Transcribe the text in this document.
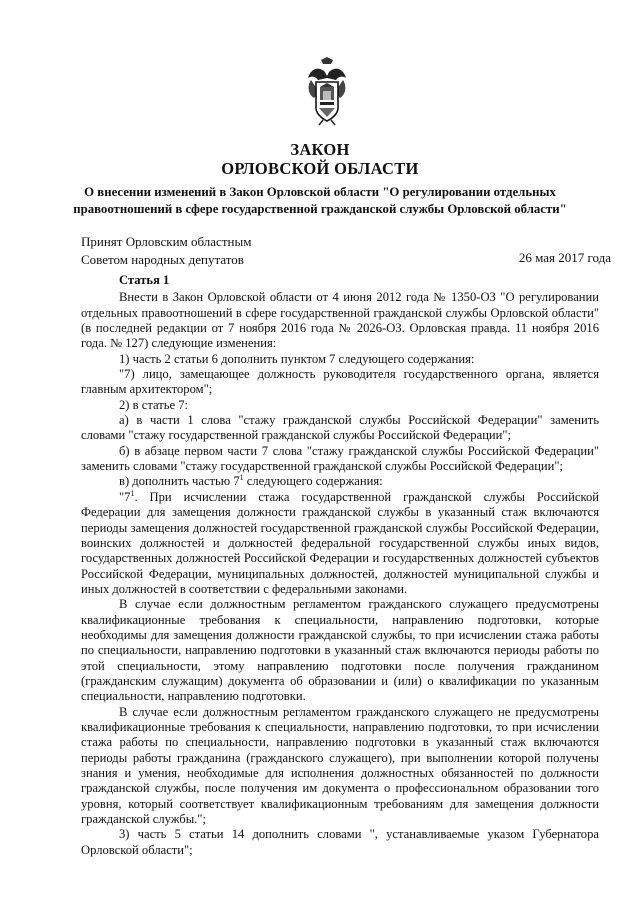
ЗАКОН
ОРЛОВСКОЙ ОБЛАСТИ
О внесении изменений в Закон Орловской области "О регулировании отдельных правоотношений в сфере государственной гражданской службы Орловской области"
Принят Орловским областным
Советом народных депутатов	26 мая 2017 года

Статья 1

Внести в Закон Орловской области от 4 июня 2012 года № 1350-ОЗ "О регулировании отдельных правоотношений в сфере государственной гражданской службы Орловской области" (в последней редакции от 7 ноября 2016 года № 2026-ОЗ. Орловская правда. 11 ноября 2016 года. № 127) следующие изменения:

1) часть 2 статьи 6 дополнить пунктом 7 следующего содержания:

"7) лицо, замещающее должность руководителя государственного органа, является главным архитектором";

2) в статье 7:

а) в части 1 слова "стажу гражданской службы Российской Федерации" заменить словами "стажу государственной гражданской службы Российской Федерации";

б) в абзаце первом части 7 слова "стажу гражданской службы Российской Федерации" заменить словами "стажу государственной гражданской службы Российской Федерации";

в) дополнить частью $7^1$ следующего содержания:

"$7^1$. При исчислении стажа государственной гражданской службы Российской Федерации для замещения должности гражданской службы в указанный стаж включаются периоды замещения должностей государственной гражданской службы Российской Федерации, воинских должностей и должностей федеральной государственной службы иных видов, государственных должностей Российской Федерации и государственных должностей субъектов Российской Федерации, муниципальных должностей, должностей муниципальной службы и иных должностей в соответствии с федеральными законами.

В случае если должностным регламентом гражданского служащего предусмотрены квалификационные требования к специальности, направлению подготовки, которые необходимы для замещения должности гражданской службы, то при исчислении стажа работы по специальности, направлению подготовки в указанный стаж включаются периоды работы по этой специальности, этому направлению подготовки после получения гражданином (гражданским служащим) документа об образовании и (или) о квалификации по указанным специальности, направлению подготовки.

В случае если должностным регламентом гражданского служащего не предусмотрены квалификационные требования к специальности, направлению подготовки, то при исчислении стажа работы по специальности, направлению подготовки в указанный стаж включаются периоды работы гражданина (гражданского служащего), при выполнении которой получены знания и умения, необходимые для исполнения должностных обязанностей по должности гражданской службы, после получения им документа о профессиональном образовании того уровня, который соответствует квалификационным требованиям для замещения должности гражданской службы.";

3) часть 5 статьи 14 дополнить словами ", устанавливаемые указом Губернатора Орловской области";
